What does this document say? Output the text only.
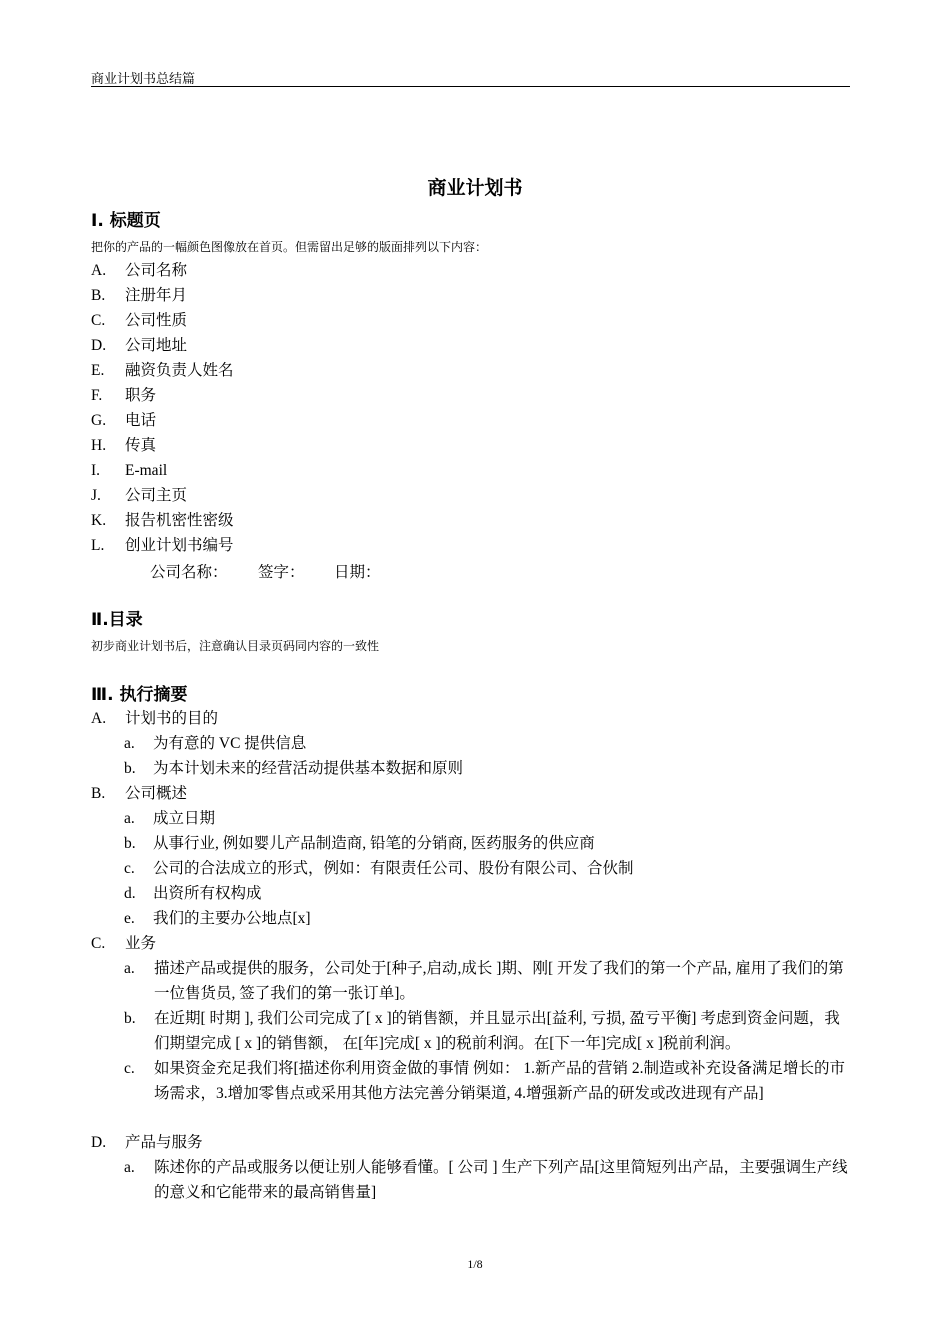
商业计划书总结篇
商业计划书
Ⅰ. 标题页
把你的产品的一幅颜色图像放在首页。但需留出足够的版面排列以下内容：
A. 公司名称
B. 注册年月
C. 公司性质
D. 公司地址
E. 融资负责人姓名
F. 职务
G. 电话
H. 传真
I. E-mail
J. 公司主页
K. 报告机密性密级
L. 创业计划书编号
公司名称： 签字： 日期：
Ⅱ.目录
初步商业计划书后，注意确认目录页码同内容的一致性
Ⅲ. 执行摘要
A. 计划书的目的
a. 为有意的 VC 提供信息
b. 为本计划未来的经营活动提供基本数据和原则
B. 公司概述
a. 成立日期
b. 从事行业, 例如婴儿产品制造商, 铅笔的分销商, 医药服务的供应商
c. 公司的合法成立的形式，例如：有限责任公司、股份有限公司、合伙制
d. 出资所有权构成
e. 我们的主要办公地点[x]
C. 业务
a. 描述产品或提供的服务，公司处于[种子,启动,成长 ]期、刚[ 开发了我们的第一个产品, 雇用了我们的第一位售货员, 签了我们的第一张订单]。
b. 在近期[ 时期 ], 我们公司完成了[ x ]的销售额，并且显示出[益利, 亏损, 盈亏平衡] 考虑到资金问题，我们期望完成 [ x ]的销售额， 在[年]完成[ x ]的税前利润。在[下一年]完成[ x ]税前利润。
c. 如果资金充足我们将[描述你利用资金做的事情 例如： 1.新产品的营销 2.制造或补充设备满足增长的市场需求，3.增加零售点或采用其他方法完善分销渠道, 4.增强新产品的研发或改进现有产品]
D. 产品与服务
a. 陈述你的产品或服务以便让别人能够看懂。[ 公司 ] 生产下列产品[这里简短列出产品，主要强调生产线的意义和它能带来的最高销售量]
1/8
